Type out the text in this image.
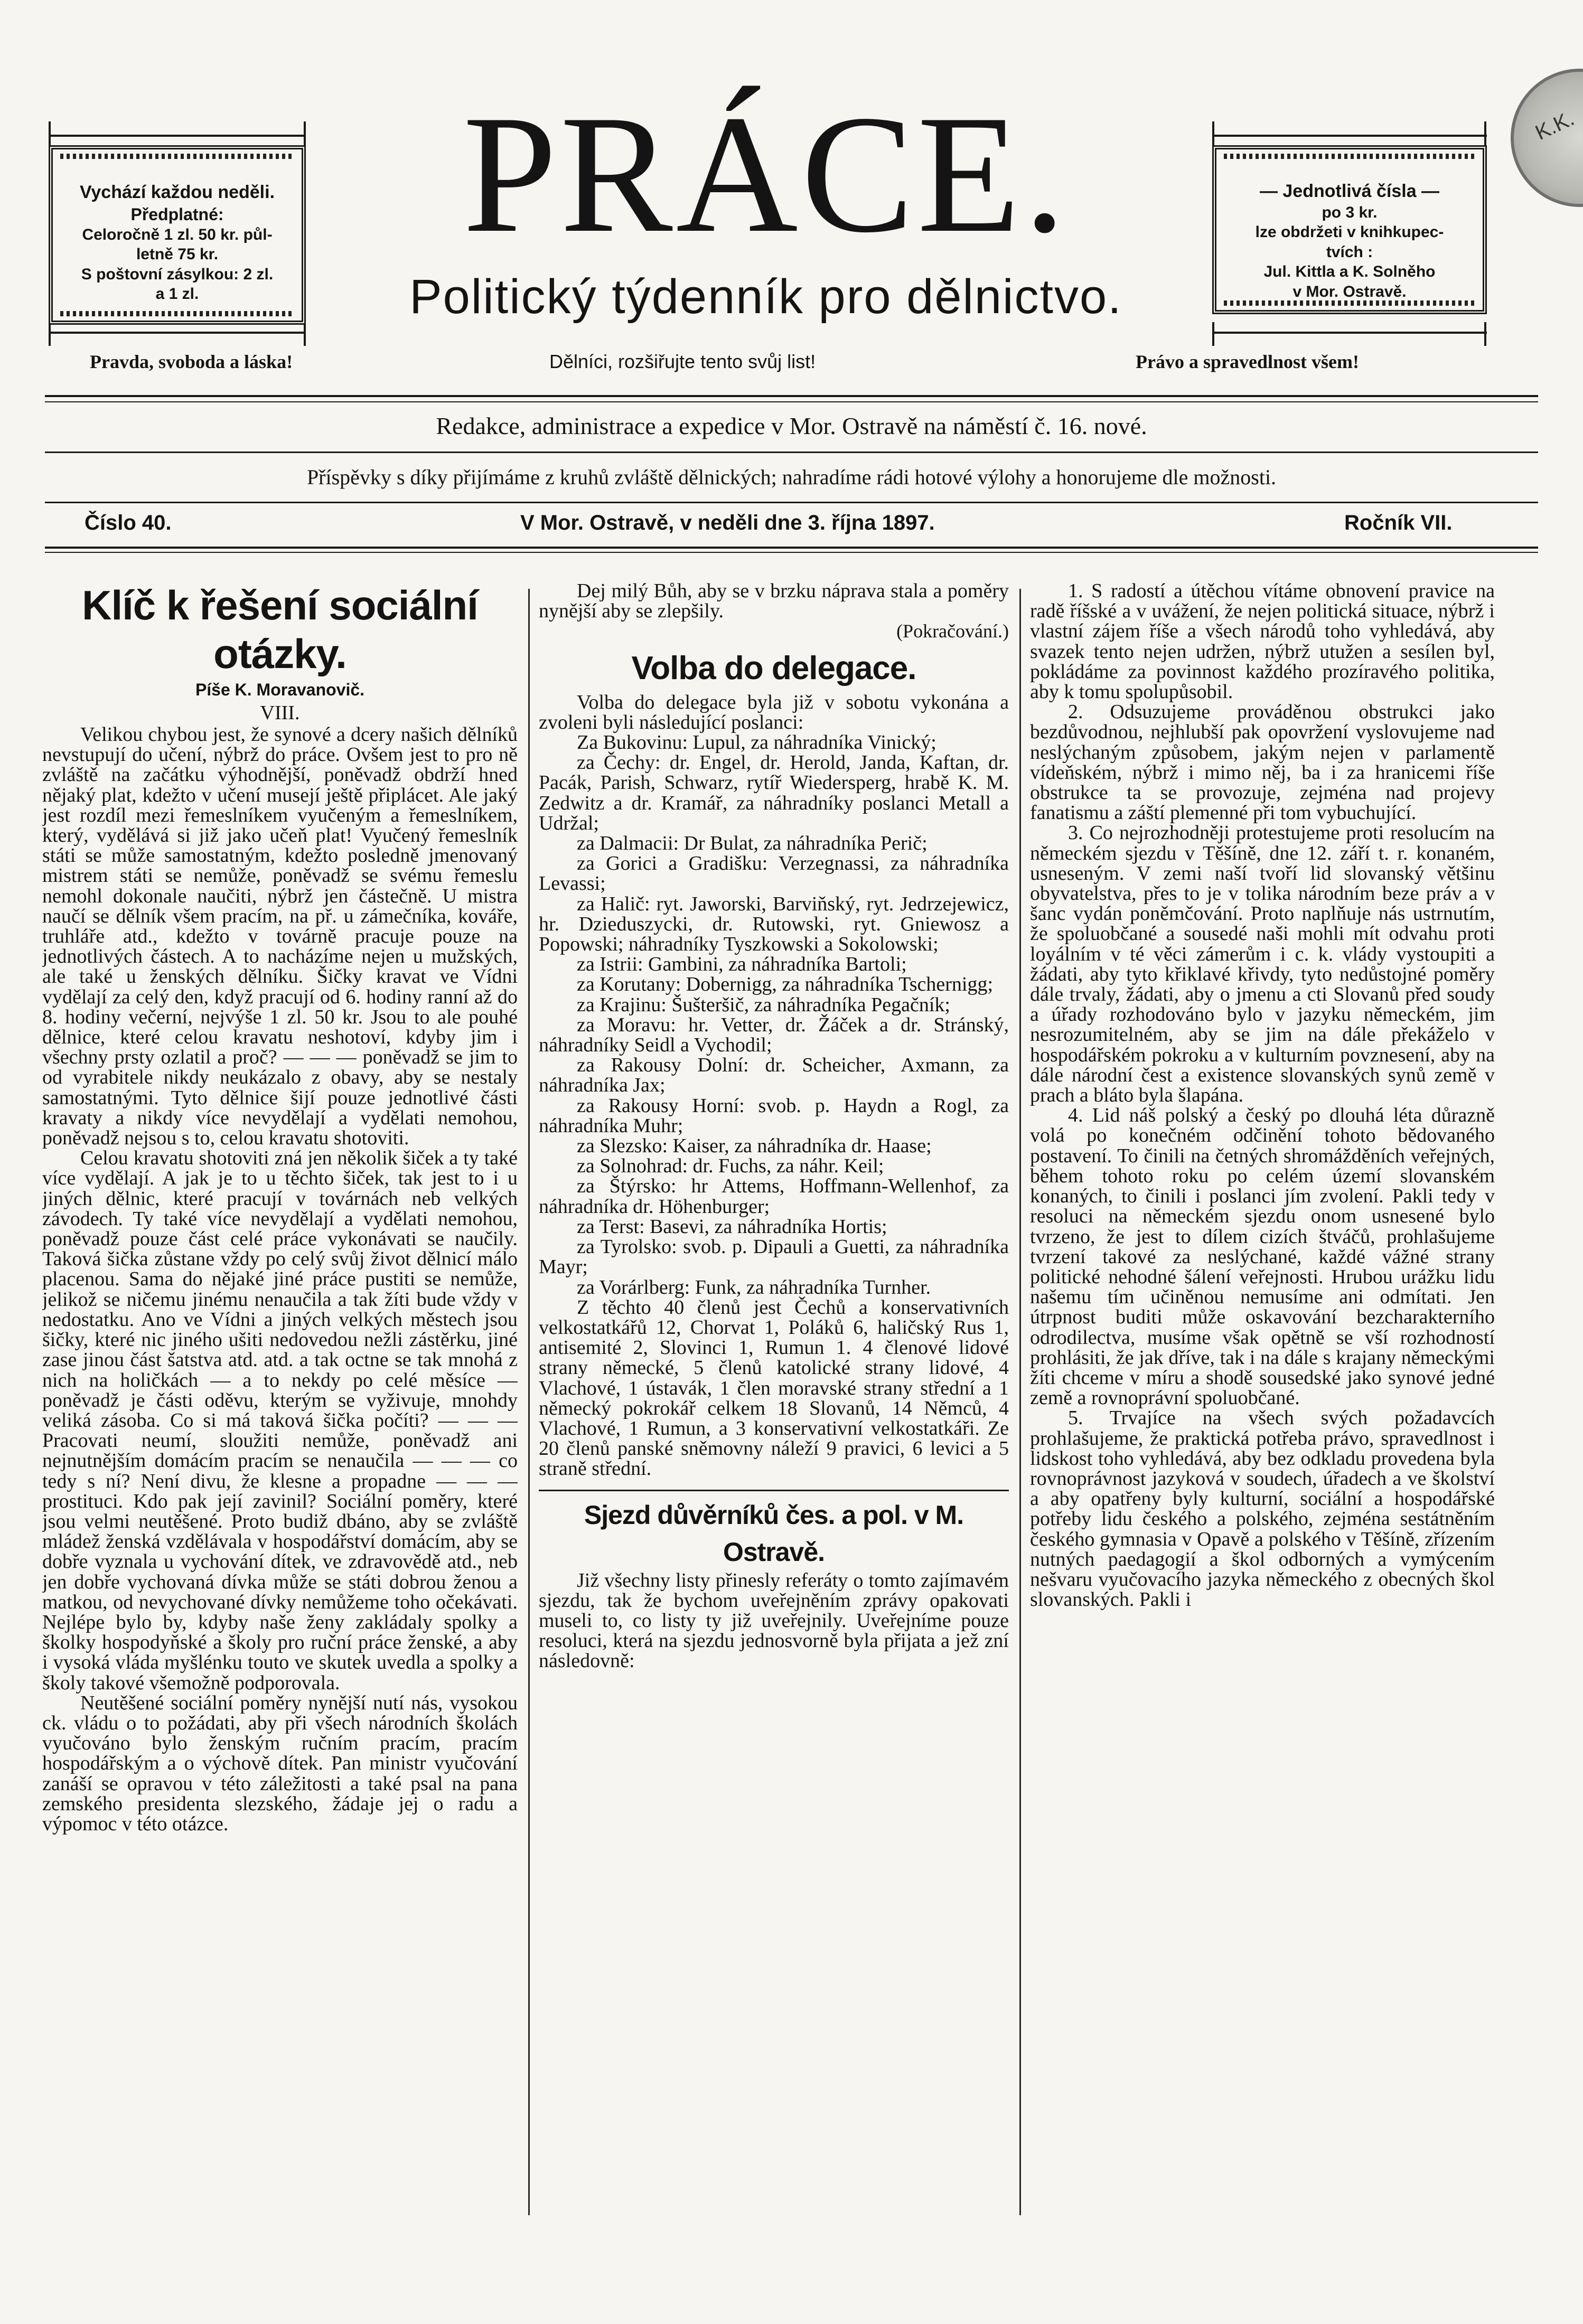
Vychází každou neděli.

Předplatné:

Celoročně 1 zl. 50 kr. půl-

letně 75 kr.

S poštovní zásylkou: 2 zl.

a 1 zl.

— Jednotlivá čísla —

po 3 kr.

lze obdržeti v knihkupec-

tvích :

Jul. Kittla a K. Solněho

v Mor. Ostravě.

K.K.
PRÁCE.
Politický týdenník pro dělnictvo.
Pravda, svoboda a láska!	Dělníci, rozšiřujte tento svůj list!	Právo a spravedlnost všem!
Redakce, administrace a expedice v Mor. Ostravě na náměstí č. 16. nové.
Příspěvky s díky přijímáme z kruhů zvláště dělnických; nahradíme rádi hotové výlohy a honorujeme dle možnosti.
Číslo 40.	V Mor. Ostravě, v neděli dne 3. října 1897.	Ročník VII.
Klíč k řešení sociální otázky.
Píše K. Moravanovič.
VIII.

Velikou chybou jest, že synové a dcery našich dělníků nevstupují do učení, nýbrž do práce. Ovšem jest to pro ně zvláště na začátku výhodnější, poněvadž obdrží hned nějaký plat, kdežto v učení musejí ještě připlácet. Ale jaký jest rozdíl mezi řemeslníkem vyučeným a řemeslníkem, který, vydělává si již jako učeň plat! Vyučený řemeslník státi se může samostatným, kdežto posledně jmenovaný mistrem státi se nemůže, poněvadž se svému řemeslu nemohl dokonale naučiti, nýbrž jen částečně. U mistra naučí se dělník všem pracím, na př. u zámečníka, kováře, truhláře atd., kdežto v továrně pracuje pouze na jednotlivých částech. A to nacházíme nejen u mužských, ale také u ženských dělníku. Šičky kravat ve Vídni vydělají za celý den, když pracují od 6. hodiny ranní až do 8. hodiny večerní, nejvýše 1 zl. 50 kr. Jsou to ale pouhé dělnice, které celou kravatu neshotoví, kdyby jim i všechny prsty ozlatil a proč? — — — poněvadž se jim to od vyrabitele nikdy neukázalo z obavy, aby se nestaly samostatnými. Tyto dělnice šijí pouze jednotlivé části kravaty a nikdy více nevydělají a vydělati nemohou, poněvadž nejsou s to, celou kravatu shotoviti.

Celou kravatu shotoviti zná jen několik šiček a ty také více vydělají. A jak je to u těchto šiček, tak jest to i u jiných dělnic, které pracují v továrnách neb velkých závodech. Ty také více nevydělají a vydělati nemohou, poněvadž pouze část celé práce vykonávati se naučily. Taková šička zůstane vždy po celý svůj život dělnicí málo placenou. Sama do nějaké jiné práce pustiti se nemůže, jelikož se ničemu jinému nenaučila a tak žíti bude vždy v nedostatku. Ano ve Vídni a jiných velkých městech jsou šičky, které nic jiného ušiti nedovedou nežli zástěrku, jiné zase jinou část šatstva atd. atd. a tak octne se tak mnohá z nich na holičkách — a to nekdy po celé měsíce — poněvadž je části oděvu, kterým se vyživuje, mnohdy veliká zásoba. Co si má taková šička počíti? — — — Pracovati neumí, sloužiti nemůže, poněvadž ani nejnutnějším domácím pracím se nenaučila — — — co tedy s ní? Není divu, že klesne a propadne — — — prostituci. Kdo pak její zavinil? Sociální poměry, které jsou velmi neutěšené. Proto budiž dbáno, aby se zvláště mládež ženská vzdělávala v hospodářství domácím, aby se dobře vyznala u vychování dítek, ve zdravovědě atd., neb jen dobře vychovaná dívka může se státi dobrou ženou a matkou, od nevychované dívky nemůžeme toho očekávati. Nejlépe bylo by, kdyby naše ženy zakládaly spolky a školky hospodyňské a školy pro ruční práce ženské, a aby i vysoká vláda myšlénku touto ve skutek uvedla a spolky a školy takové všemožně podporovala.

Neutěšené sociální poměry nynější nutí nás, vysokou ck. vládu o to požádati, aby při všech národních školách vyučováno bylo ženským ručním pracím, pracím hospodářským a o výchově dítek. Pan ministr vyučování zanáší se opravou v této záležitosti a také psal na pana zemského presidenta slezského, žádaje jej o radu a výpomoc v této otázce.

Dej milý Bůh, aby se v brzku náprava stala a poměry nynější aby se zlepšily.

(Pokračování.)
Volba do delegace.

Volba do delegace byla již v sobotu vykonána a zvoleni byli následující poslanci:

Za Bukovinu: Lupul, za náhradníka Vinický;

za Čechy: dr. Engel, dr. Herold, Janda, Kaftan, dr. Pacák, Parish, Schwarz, rytíř Wiedersperg, hrabě K. M. Zedwitz a dr. Kramář, za náhradníky poslanci Metall a Udržal;

za Dalmacii: Dr Bulat, za náhradníka Perič;

za Gorici a Gradišku: Verzegnassi, za náhradníka Levassi;

za Halič: ryt. Jaworski, Barviňský, ryt. Jedrzejewicz, hr. Dzieduszycki, dr. Rutowski, ryt. Gniewosz a Popowski; náhradníky Tyszkowski a Sokolowski;

za Istrii: Gambini, za náhradníka Bartoli;

za Korutany: Dobernigg, za náhradníka Tschernigg;

za Krajinu: Šušteršič, za náhradníka Pegačník;

za Moravu: hr. Vetter, dr. Žáček a dr. Stránský, náhradníky Seidl a Vychodil;

za Rakousy Dolní: dr. Scheicher, Axmann, za náhradníka Jax;

za Rakousy Horní: svob. p. Haydn a Rogl, za náhradníka Muhr;

za Slezsko: Kaiser, za náhradníka dr. Haase;

za Solnohrad: dr. Fuchs, za náhr. Keil;

za Štýrsko: hr Attems, Hoffmann-Wellenhof, za náhradníka dr. Höhenburger;

za Terst: Basevi, za náhradníka Hortis;

za Tyrolsko: svob. p. Dipauli a Guetti, za náhradníka Mayr;

za Vorárlberg: Funk, za náhradníka Turnher.

Z těchto 40 členů jest Čechů a konservativních velkostatkářů 12, Chorvat 1, Poláků 6, haličský Rus 1, antisemité 2, Slovinci 1, Rumun 1. 4 členové lidové strany německé, 5 členů katolické strany lidové, 4 Vlachové, 1 ústavák, 1 člen moravské strany střední a 1 německý pokrokář celkem 18 Slovanů, 14 Němců, 4 Vlachové, 1 Rumun, a 3 konservativní velkostatkáři. Ze 20 členů panské sněmovny náleží 9 pravici, 6 levici a 5 straně střední.

Sjezd důvěrníků čes. a pol. v M. Ostravě.

Již všechny listy přinesly referáty o tomto zajímavém sjezdu, tak že bychom uveřejněním zprávy opakovati museli to, co listy ty již uveřejnily. Uveřejníme pouze resoluci, která na sjezdu jednosvorně byla přijata a jež zní následovně:

1. S radostí a útěchou vítáme obnovení pravice na radě říšské a v uvážení, že nejen politická situace, nýbrž i vlastní zájem říše a všech národů toho vyhledává, aby svazek tento nejen udržen, nýbrž utužen a sesílen byl, pokládáme za povinnost každého prozíravého politika, aby k tomu spolupůsobil.

2. Odsuzujeme prováděnou obstrukci jako bezdůvodnou, nejhlubší pak opovržení vyslovujeme nad neslýchaným způsobem, jakým nejen v parlamentě vídeňském, nýbrž i mimo něj, ba i za hranicemi říše obstrukce ta se provozuje, zejména nad projevy fanatismu a záští plemenné při tom vybuchující.

3. Co nejrozhodněji protestujeme proti resolucím na německém sjezdu v Těšíně, dne 12. září t. r. konaném, usneseným. V zemi naší tvoří lid slovanský většinu obyvatelstva, přes to je v tolika národním beze práv a v šanc vydán poněmčování. Proto naplňuje nás ustrnutím, že spoluobčané a sousedé naši mohli mít odvahu proti loyálním v té věci zámerům i c. k. vlády vystoupiti a žádati, aby tyto křiklavé křivdy, tyto nedůstojné poměry dále trvaly, žádati, aby o jmenu a cti Slovanů před soudy a úřady rozhodováno bylo v jazyku německém, jim nesrozumitelném, aby se jim na dále překáželo v hospodářském pokroku a v kulturním povznesení, aby na dále národní čest a existence slovanských synů země v prach a bláto byla šlapána.

4. Lid náš polský a český po dlouhá léta důrazně volá po konečném odčinění tohoto bědovaného postavení. To činili na četných shromážděních veřejných, během tohoto roku po celém území slovanském konaných, to činili i poslanci jím zvolení. Pakli tedy v resoluci na německém sjezdu onom usnesené bylo tvrzeno, že jest to dílem cizích štváčů, prohlašujeme tvrzení takové za neslýchané, každé vážné strany politické nehodné šálení veřejnosti. Hrubou urážku lidu našemu tím učiněnou nemusíme ani odmítati. Jen útrpnost buditi může oskavování bezcharakterního odrodilectva, musíme však opětně se vší rozhodností prohlásiti, že jak dříve, tak i na dále s krajany německými žíti chceme v míru a shodě sousedské jako synové jedné země a rovnoprávní spoluobčané.

5. Trvajíce na všech svých požadavcích prohlašujeme, že praktická potřeba právo, spravedlnost i lidskost toho vyhledává, aby bez odkladu provedena byla rovnoprávnost jazyková v soudech, úřadech a ve školství a aby opatřeny byly kulturní, sociální a hospodářské potřeby lidu českého a polského, zejména sestátněním českého gymnasia v Opavě a polského v Těšíně, zřízením nutných paedagogií a škol odborných a vymýcením nešvaru vyučovacího jazyka německého z obecných škol slovanských. Pakli i
